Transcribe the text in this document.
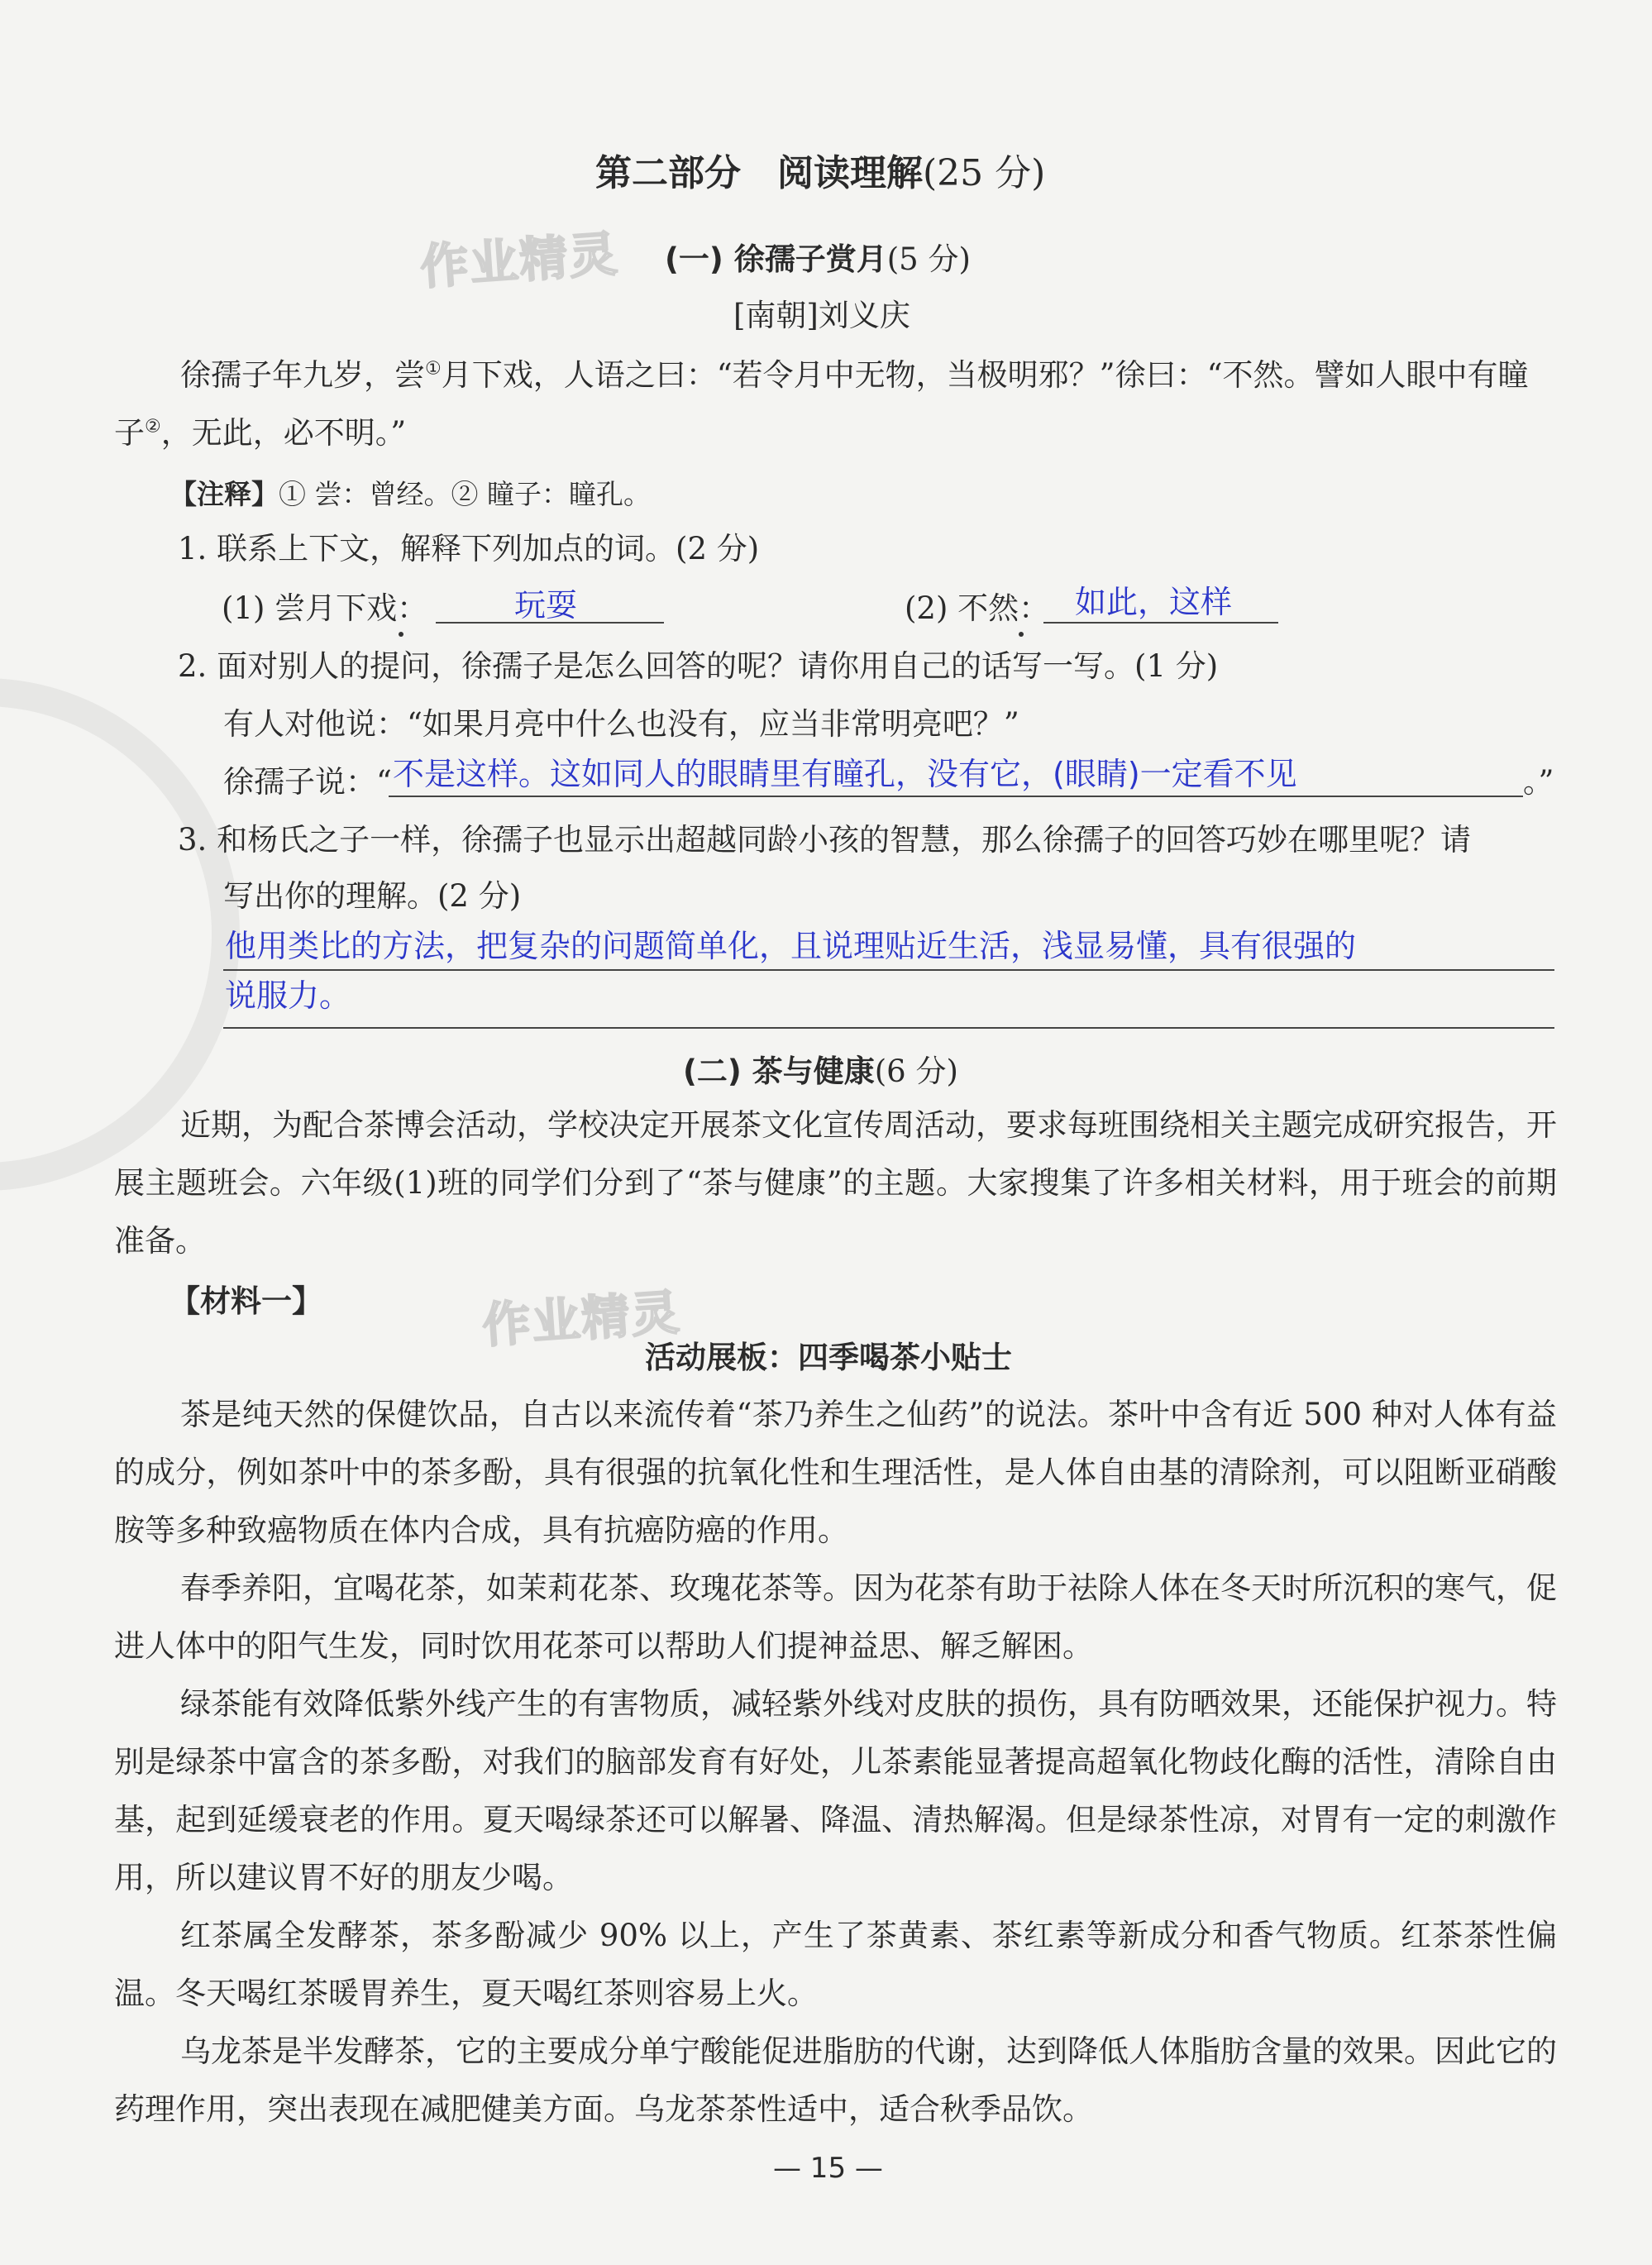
作业精灵
作业精灵
第二部分　阅读理解(25 分)
(一) 徐孺子赏月(5 分)
[南朝]刘义庆
徐孺子年九岁，尝①月下戏，人语之曰：“若令月中无物，当极明邪？”徐曰：“不然。譬如人眼中有瞳
子②，无此，必不明。”
【注释】① 尝：曾经。② 瞳子：瞳孔。
1. 联系上下文，解释下列加点的词。(2 分)
(1) 尝月下戏：	玩耍	(2) 不然： 如此，这样
2. 面对别人的提问，徐孺子是怎么回答的呢？请你用自己的话写一写。(1 分)
有人对他说：“如果月亮中什么也没有，应当非常明亮吧？”
徐孺子说：“ 不是这样。这如同人的眼睛里有瞳孔，没有它，(眼睛)一定看不见	。”
3. 和杨氏之子一样，徐孺子也显示出超越同龄小孩的智慧，那么徐孺子的回答巧妙在哪里呢？请
写出你的理解。(2 分)
他用类比的方法，把复杂的问题简单化，且说理贴近生活，浅显易懂，具有很强的
说服力。
(二) 茶与健康(6 分)

近期，为配合茶博会活动，学校决定开展茶文化宣传周活动，要求每班围绕相关主题完成研究报告，开展主题班会。六年级(1)班的同学们分到了“茶与健康”的主题。大家搜集了许多相关材料，用于班会的前期准备。

【材料一】
活动展板：四季喝茶小贴士

茶是纯天然的保健饮品，自古以来流传着“茶乃养生之仙药”的说法。茶叶中含有近 500 种对人体有益的成分，例如茶叶中的茶多酚，具有很强的抗氧化性和生理活性，是人体自由基的清除剂，可以阻断亚硝酸胺等多种致癌物质在体内合成，具有抗癌防癌的作用。

春季养阳，宜喝花茶，如茉莉花茶、玫瑰花茶等。因为花茶有助于祛除人体在冬天时所沉积的寒气，促进人体中的阳气生发，同时饮用花茶可以帮助人们提神益思、解乏解困。

绿茶能有效降低紫外线产生的有害物质，减轻紫外线对皮肤的损伤，具有防晒效果，还能保护视力。特别是绿茶中富含的茶多酚，对我们的脑部发育有好处，儿茶素能显著提高超氧化物歧化酶的活性，清除自由基，起到延缓衰老的作用。夏天喝绿茶还可以解暑、降温、清热解渴。但是绿茶性凉，对胃有一定的刺激作用，所以建议胃不好的朋友少喝。

红茶属全发酵茶，茶多酚减少 90% 以上，产生了茶黄素、茶红素等新成分和香气物质。红茶茶性偏温。冬天喝红茶暖胃养生，夏天喝红茶则容易上火。

乌龙茶是半发酵茶，它的主要成分单宁酸能促进脂肪的代谢，达到降低人体脂肪含量的效果。因此它的药理作用，突出表现在减肥健美方面。乌龙茶茶性适中，适合秋季品饮。

— 15 —
